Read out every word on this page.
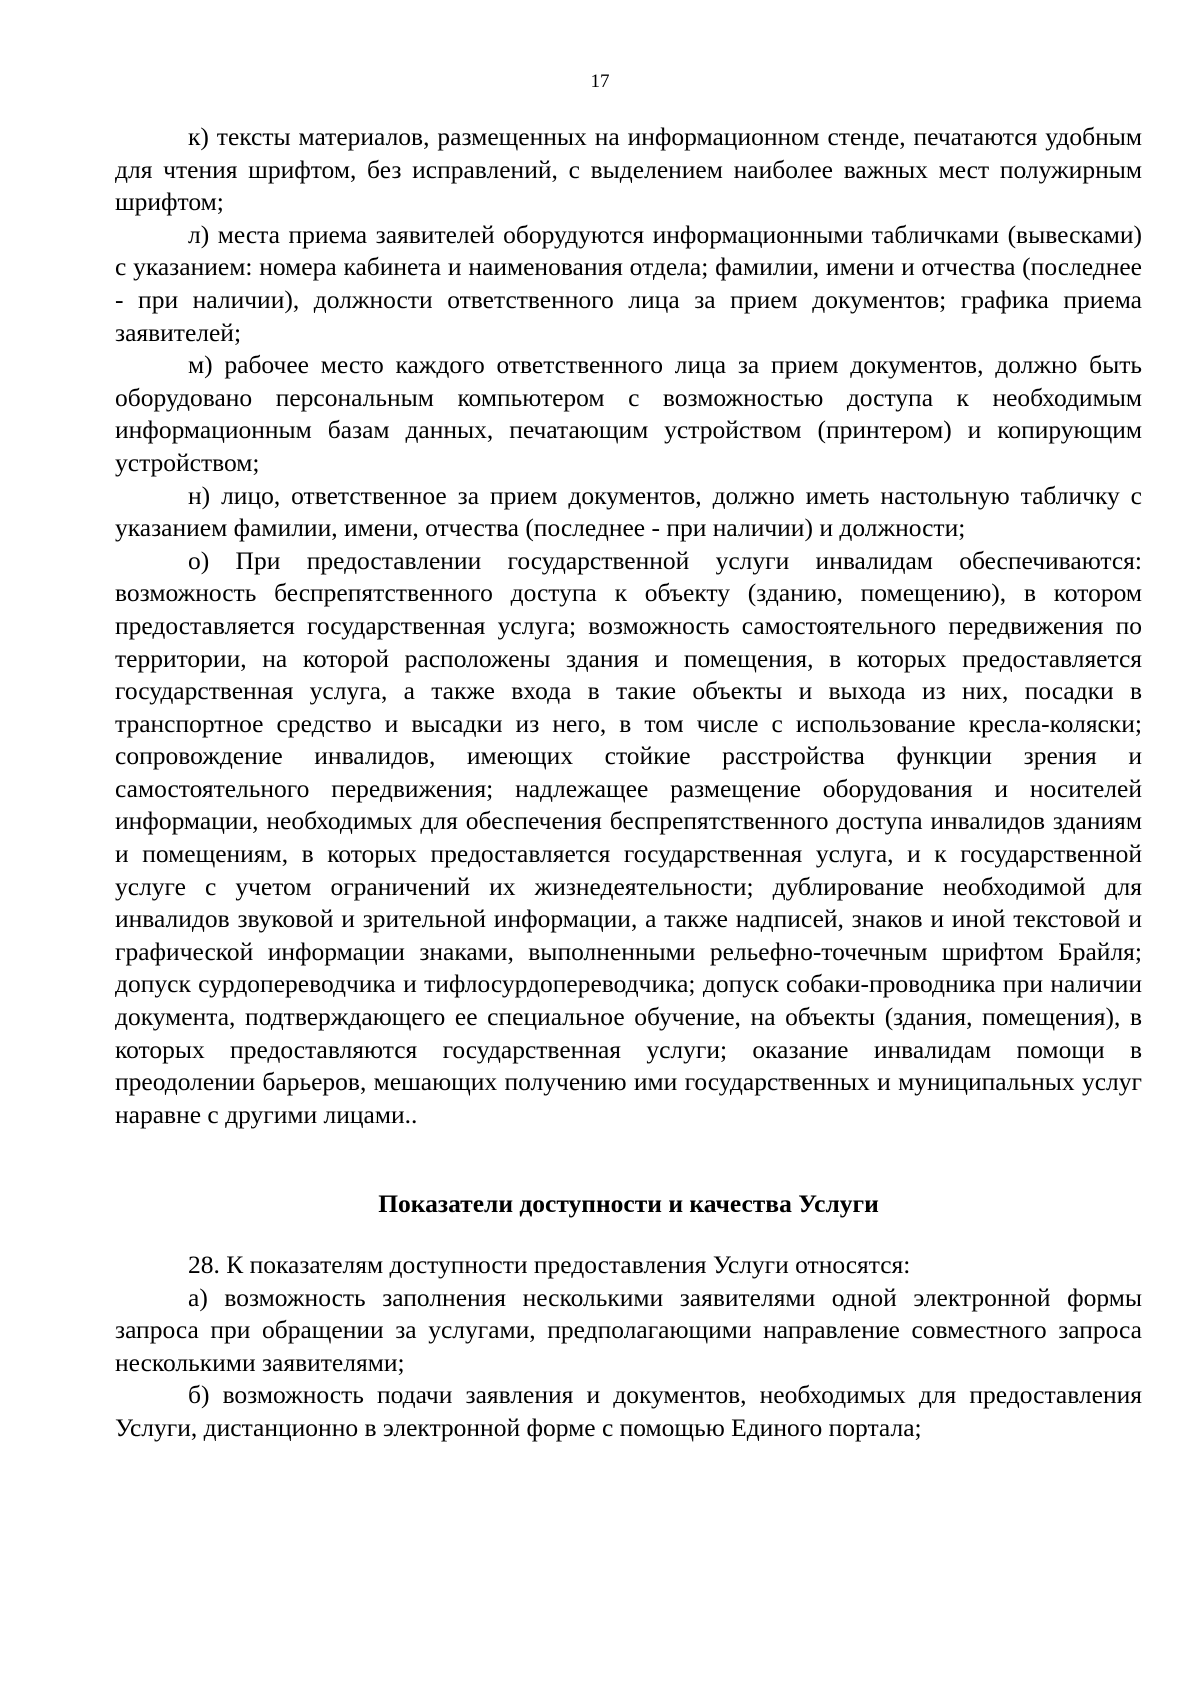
17

к) тексты материалов, размещенных на информационном стенде, печатаются удобным для чтения шрифтом, без исправлений, с выделением наиболее важных мест полужирным шрифтом;

л) места приема заявителей оборудуются информационными табличками (вывесками) с указанием: номера кабинета и наименования отдела; фамилии, имени и отчества (последнее - при наличии), должности ответственного лица за прием документов; графика приема заявителей;

м) рабочее место каждого ответственного лица за прием документов, должно быть оборудовано персональным компьютером с возможностью доступа к необходимым информационным базам данных, печатающим устройством (принтером) и копирующим устройством;

н) лицо, ответственное за прием документов, должно иметь настольную табличку с указанием фамилии, имени, отчества (последнее - при наличии) и должности;

о) При предоставлении государственной услуги инвалидам обеспечиваются: возможность беспрепятственного доступа к объекту (зданию, помещению), в котором предоставляется государственная услуга; возможность самостоятельного передвижения по территории, на которой расположены здания и помещения, в которых предоставляется государственная услуга, а также входа в такие объекты и выхода из них, посадки в транспортное средство и высадки из него, в том числе с использование кресла-коляски; сопровождение инвалидов, имеющих стойкие расстройства функции зрения и самостоятельного передвижения; надлежащее размещение оборудования и носителей информации, необходимых для обеспечения беспрепятственного доступа инвалидов зданиям и помещениям, в которых предоставляется государственная услуга, и к государственной услуге с учетом ограничений их жизнедеятельности; дублирование необходимой для инвалидов звуковой и зрительной информации, а также надписей, знаков и иной текстовой и графической информации знаками, выполненными рельефно-точечным шрифтом Брайля; допуск сурдопереводчика и тифлосурдопереводчика; допуск собаки-проводника при наличии документа, подтверждающего ее специальное обучение, на объекты (здания, помещения), в которых предоставляются государственная услуги; оказание инвалидам помощи в преодолении барьеров, мешающих получению ими государственных и муниципальных услуг наравне с другими лицами..

Показатели доступности и качества Услуги

28. К показателям доступности предоставления Услуги относятся:

а) возможность заполнения несколькими заявителями одной электронной формы запроса при обращении за услугами, предполагающими направление совместного запроса несколькими заявителями;

б) возможность подачи заявления и документов, необходимых для предоставления Услуги, дистанционно в электронной форме с помощью Единого портала;
